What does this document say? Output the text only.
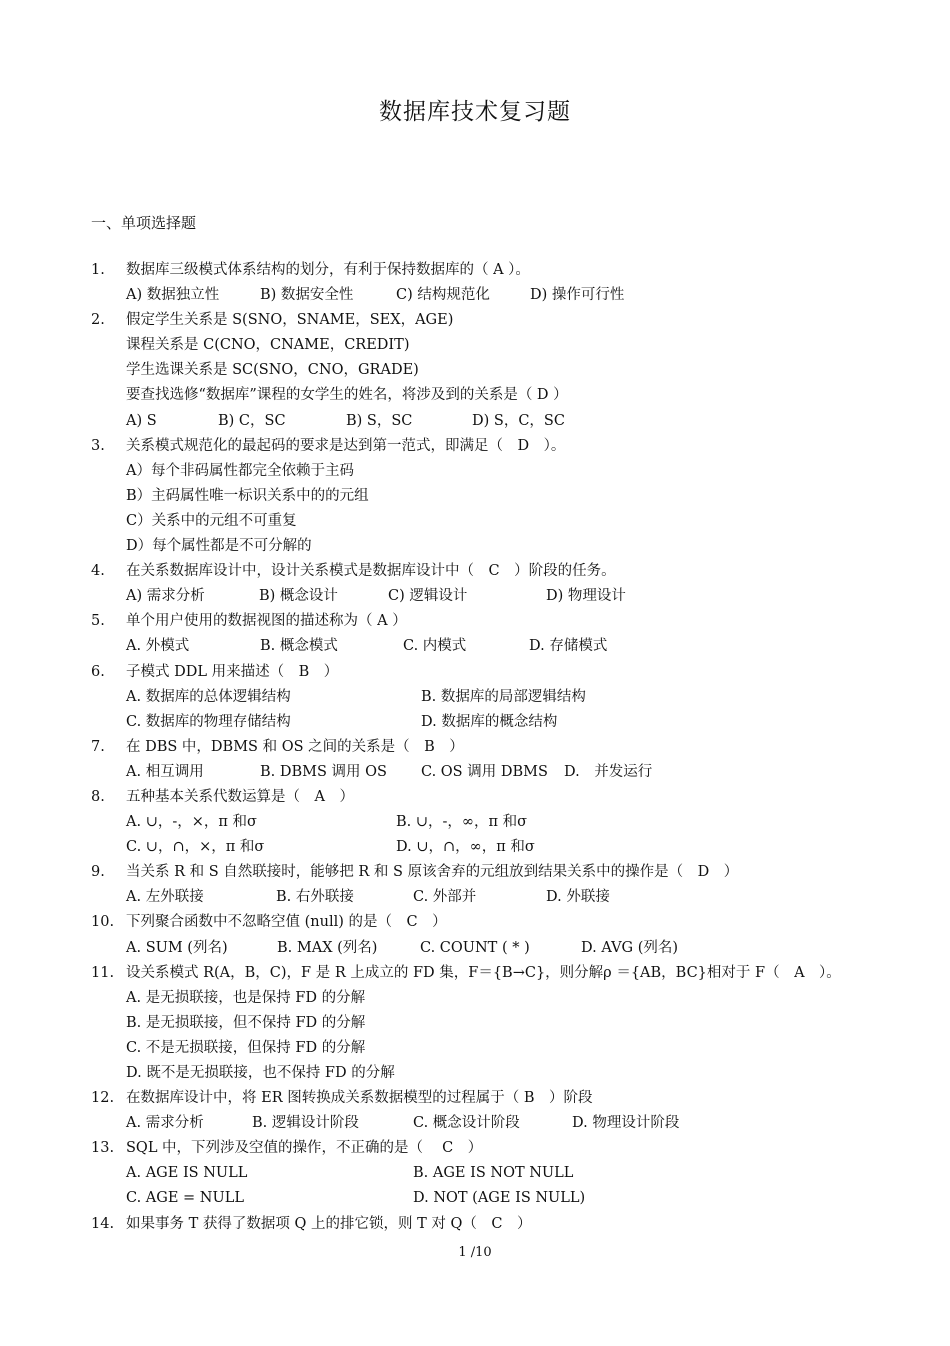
数据库技术复习题
一、单项选择题
1. 数据库三级模式体系结构的划分，有利于保持数据库的（ A ）。
A) 数据独立性	B) 数据安全性	C) 结构规范化	D) 操作可行性
2. 假定学生关系是 S(SNO，SNAME，SEX，AGE)
课程关系是 C(CNO，CNAME，CREDIT)
学生选课关系是 SC(SNO，CNO，GRADE)
要查找选修“数据库”课程的女学生的姓名，将涉及到的关系是（ D ）
A) S	B) C，SC	B) S，SC	D) S，C，SC
3. 关系模式规范化的最起码的要求是达到第一范式，即满足（　D　）。
A）每个非码属性都完全依赖于主码
B）主码属性唯一标识关系中的的元组
C）关系中的元组不可重复
D）每个属性都是不可分解的
4. 在关系数据库设计中，设计关系模式是数据库设计中（　C　）阶段的任务。
A) 需求分析	B) 概念设计	C) 逻辑设计	D) 物理设计
5. 单个用户使用的数据视图的描述称为（ A ）
A. 外模式	B. 概念模式	C. 内模式	D. 存储模式
6. 子模式 DDL 用来描述（　B　）
A. 数据库的总体逻辑结构	B. 数据库的局部逻辑结构
C. 数据库的物理存储结构	D. 数据库的概念结构
7. 在 DBS 中，DBMS 和 OS 之间的关系是（　B　）
A. 相互调用	B. DBMS 调用 OS C. OS 调用 DBMS D.　并发运行
8. 五种基本关系代数运算是（　A　）
A. ∪，-，×，π 和σ	B. ∪，-，∞，π 和σ
C. ∪，∩，×，π 和σ	D. ∪，∩，∞，π 和σ
9. 当关系 R 和 S 自然联接时，能够把 R 和 S 原该舍弃的元组放到结果关系中的操作是（　D　）
A. 左外联接	B. 右外联接	C. 外部并	D. 外联接
10. 下列聚合函数中不忽略空值 (null) 的是（　C　）
A. SUM (列名)	B. MAX (列名)	C. COUNT ( * )	D. AVG (列名)
11. 设关系模式 R(A，B，C)，F 是 R 上成立的 FD 集，F＝{B→C}，则分解ρ ＝{AB，BC}相对于 F（　A　）。
A. 是无损联接，也是保持 FD 的分解
B. 是无损联接，但不保持 FD 的分解
C. 不是无损联接，但保持 FD 的分解
D. 既不是无损联接，也不保持 FD 的分解
12. 在数据库设计中，将 ER 图转换成关系数据模型的过程属于（ B　）阶段
A. 需求分析	B. 逻辑设计阶段	C. 概念设计阶段	D. 物理设计阶段
13. SQL 中，下列涉及空值的操作，不正确的是（　 C　）
A. AGE IS NULL	B. AGE IS NOT NULL
C. AGE = NULL	D. NOT (AGE IS NULL)
14. 如果事务 T 获得了数据项 Q 上的排它锁，则 T 对 Q（　C　）
1 /10
